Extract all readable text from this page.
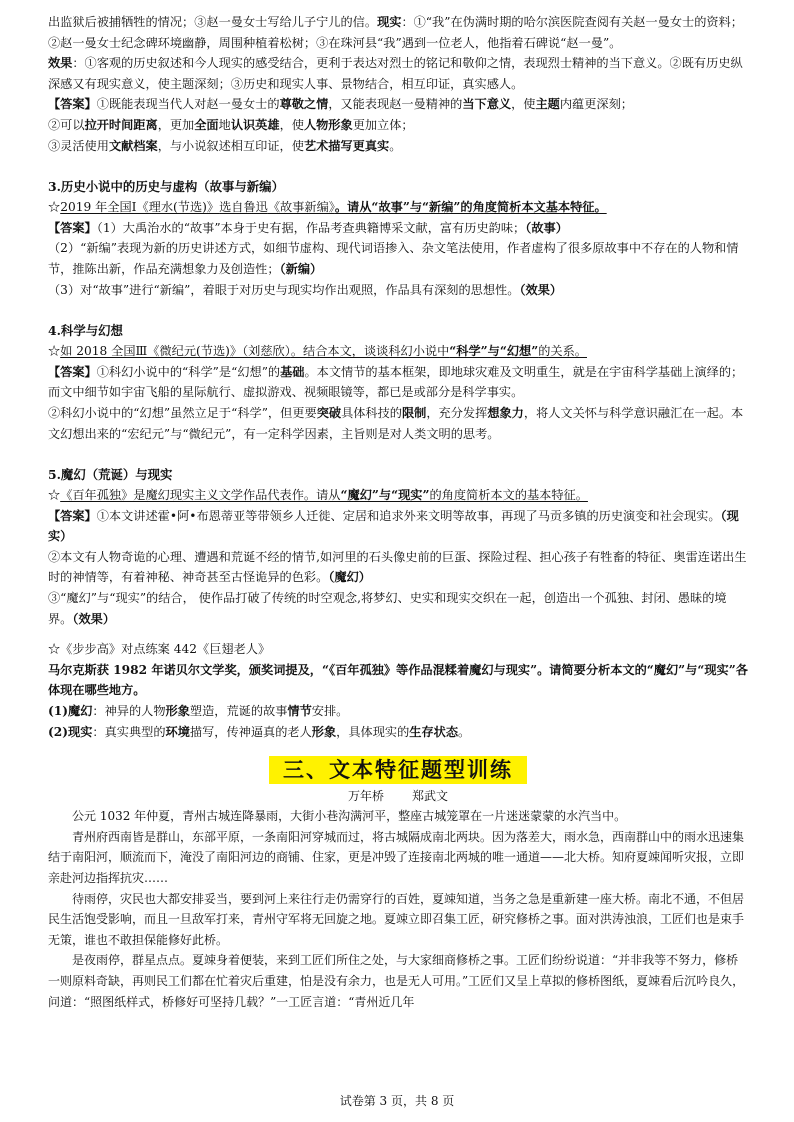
出监狱后被捕牺牲的情况；③赵一曼女士写给儿子宁儿的信。现实：①“我”在伪满时期的哈尔滨医院查阅有关赵一曼女士的资料；②赵一曼女士纪念碑环境幽静，周围种植着松树；③在珠河县“我”遇到一位老人，他指着石碑说“赵一曼”。

效果：①客观的历史叙述和今人现实的感受结合，更利于表达对烈士的铭记和敬仰之情，表现烈士精神的当下意义。②既有历史纵深感又有现实意义，使主题深刻；③历史和现实人事、景物结合，相互印证，真实感人。

【答案】①既能表现当代人对赵一曼女士的尊敬之情，又能表现赵一曼精神的当下意义，使主题内蕴更深刻；

②可以拉开时间距离，更加全面地认识英雄，使人物形象更加立体；

③灵活使用文献档案，与小说叙述相互印证，使艺术描写更真实。

3.历史小说中的历史与虚构（故事与新编）

☆2019 年全国Ⅰ《理水(节选)》选自鲁迅《故事新编》。请从“故事”与“新编”的角度简析本文基本特征。

【答案】（1）大禹治水的“故事”本身于史有据，作品考查典籍博采文献，富有历史韵味；（故事）

（2）“新编”表现为新的历史讲述方式，如细节虚构、现代词语掺入、杂文笔法使用，作者虚构了很多原故事中不存在的人物和情节，推陈出新，作品充满想象力及创造性；（新编）

（3）对“故事”进行“新编”，着眼于对历史与现实均作出观照，作品具有深刻的思想性。（效果）

4.科学与幻想

☆如 2018 全国Ⅲ《微纪元(节选)》（刘慈欣）。结合本文，谈谈科幻小说中“科学”与“幻想”的关系。

【答案】①科幻小说中的“科学”是“幻想”的基础。本文情节的基本框架，即地球灾难及文明重生，就是在宇宙科学基础上演绎的；而文中细节如宇宙飞船的星际航行、虚拟游戏、视频眼镜等，都已是或部分是科学事实。

②科幻小说中的“幻想”虽然立足于“科学”，但更要突破具体科技的限制，充分发挥想象力，将人文关怀与科学意识融汇在一起。本文幻想出来的“宏纪元”与“微纪元”，有一定科学因素，主旨则是对人类文明的思考。

5.魔幻（荒诞）与现实

☆《百年孤独》是魔幻现实主义文学作品代表作。请从“魔幻”与“现实”的角度简析本文的基本特征。

【答案】①本文讲述霍•阿•布恩蒂亚等带领乡人迁徙、定居和追求外来文明等故事，再现了马贡多镇的历史演变和社会现实。（现实）

②本文有人物奇诡的心理、遭遇和荒诞不经的情节,如河里的石头像史前的巨蛋、探险过程、担心孩子有牲畜的特征、奥雷连诺出生时的神情等，有着神秘、神奇甚至古怪诡异的色彩。（魔幻）

③“魔幻”与“现实”的结合， 使作品打破了传统的时空观念,将梦幻、史实和现实交织在一起，创造出一个孤独、封闭、愚昧的境界。（效果）

☆《步步高》对点练案 442《巨翅老人》

马尔克斯获 1982 年诺贝尔文学奖，颁奖词提及，“《百年孤独》等作品混糅着魔幻与现实”。请简要分析本文的“魔幻”与“现实”各体现在哪些地方。

(1)魔幻：神异的人物形象塑造，荒诞的故事情节安排。

(2)现实：真实典型的环境描写，传神逼真的老人形象，具体现实的生存状态。

三、文本特征题型训练
万年桥 郑武文

公元 1032 年仲夏，青州古城连降暴雨，大街小巷沟满河平，整座古城笼罩在一片迷迷蒙蒙的水汽当中。

青州府西南皆是群山，东部平原，一条南阳河穿城而过，将古城隔成南北两块。因为落差大，雨水急，西南群山中的雨水迅速集结于南阳河，顺流而下，淹没了南阳河边的商铺、住家，更是冲毁了连接南北两城的唯一通道——北大桥。知府夏竦闻听灾报，立即亲赴河边指挥抗灾……

待雨停，灾民也大都安排妥当，要到河上来往行走仍需穿行的百姓，夏竦知道，当务之急是重新建一座大桥。南北不通，不但居民生活饱受影响，而且一旦敌军打来，青州守军将无回旋之地。夏竦立即召集工匠，研究修桥之事。面对洪涛浊浪，工匠们也是束手无策，谁也不敢担保能修好此桥。

是夜雨停，群星点点。夏竦身着便装，来到工匠们所住之处，与大家细商修桥之事。工匠们纷纷说道：“并非我等不努力，修桥一则原料奇缺，再则民工们都在忙着灾后重建，怕是没有余力，也是无人可用。”工匠们又呈上草拟的修桥图纸，夏竦看后沉吟良久，问道：“照图纸样式，桥修好可坚持几载？”一工匠言道：“青州近几年

试卷第 3 页，共 8 页
